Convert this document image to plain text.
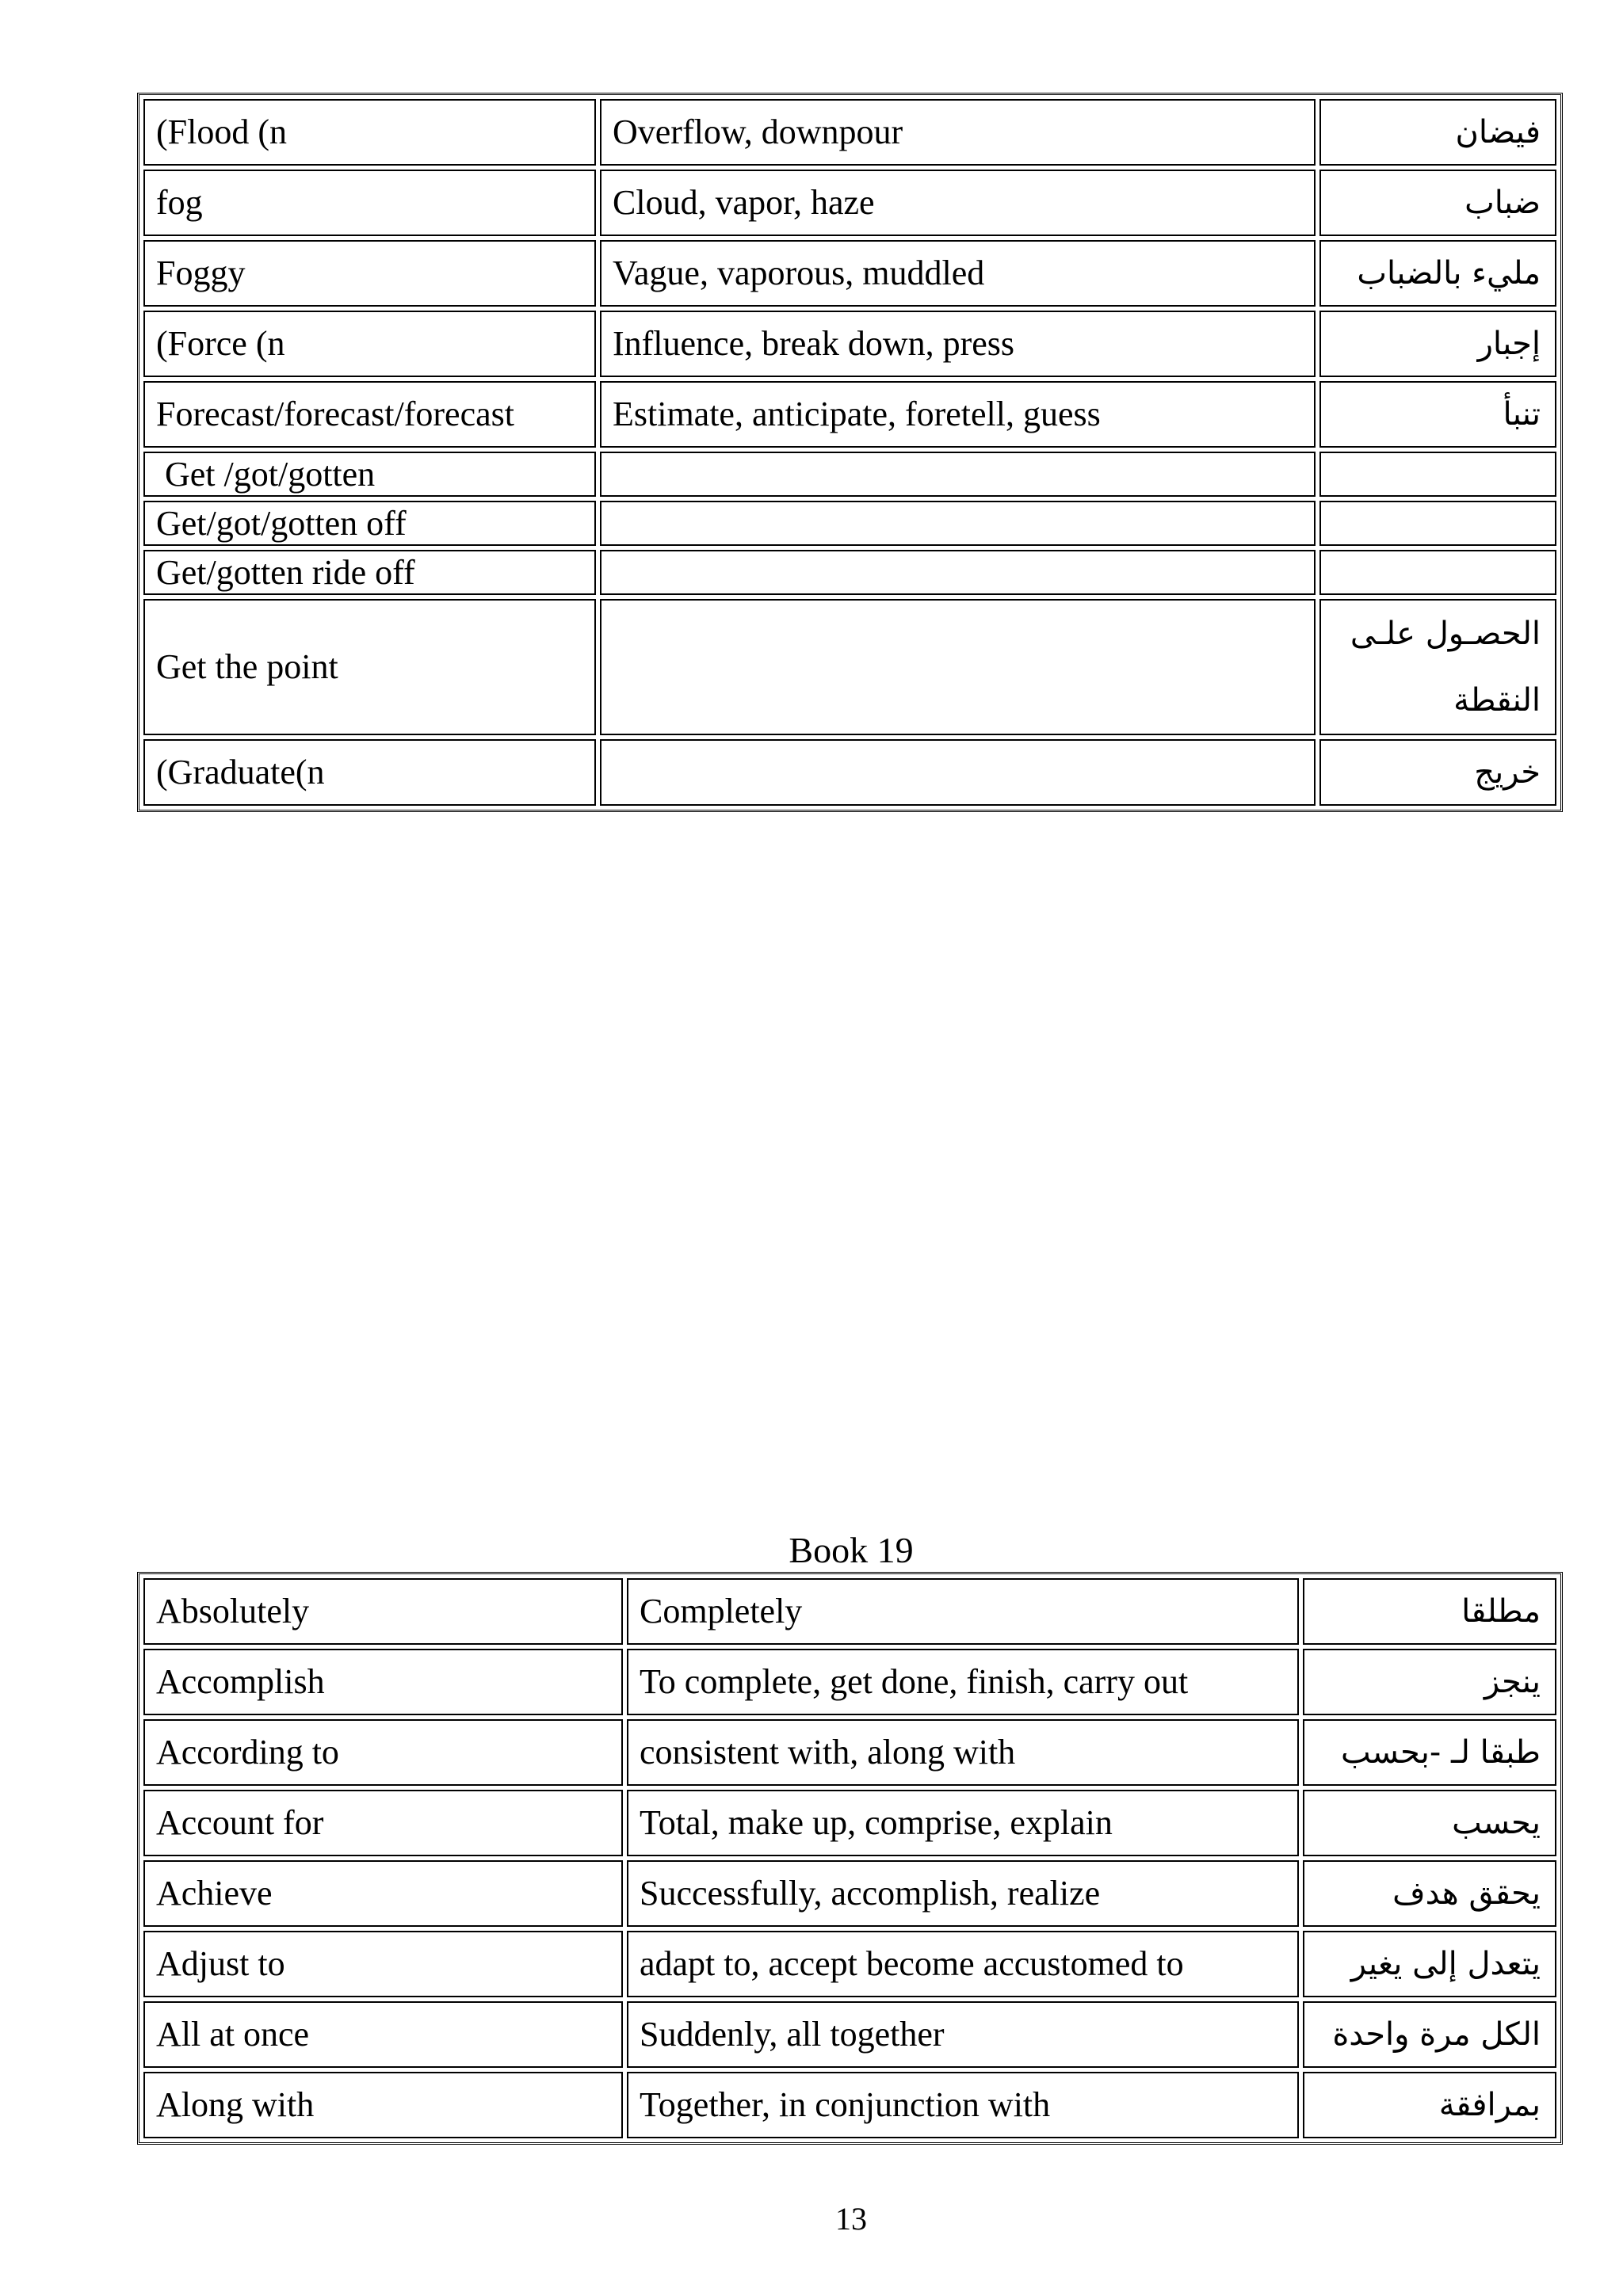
(Flood (n	Overflow, downpour	فيضان
fog	Cloud, vapor, haze	ضباب
Foggy	Vague, vaporous, muddled	مليء بالضباب
(Force (n	Influence, break down, press	إجبار
Forecast/forecast/forecast	Estimate, anticipate, foretell, guess	تنبأ
Get /got/gotten		
Get/got/gotten off		
Get/gotten ride off		
Get the point		الحصـول علـى النقطة
(Graduate(n		خريج
Book 19
Absolutely	Completely	مطلقا
Accomplish	To complete, get done, finish, carry out	ينجز
According to	consistent with, along with	طبقا لـ -بحسب
Account for	Total, make up, comprise, explain	يحسب
Achieve	Successfully, accomplish, realize	يحقق هدف
Adjust to	adapt to, accept become accustomed to	يتعدل إلى يغير
All at once	Suddenly, all together	الكل مرة واحدة
Along with	Together, in conjunction with	بمرافقة
13
